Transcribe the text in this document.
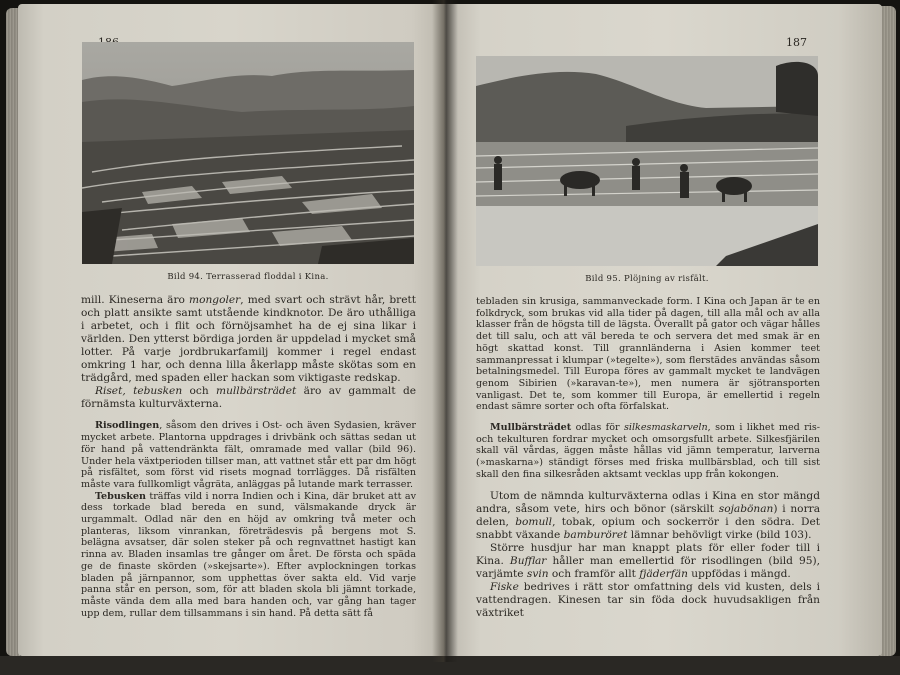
Bild 94. Terrasserad floddal i Kina.

mill. Kineserna äro mongoler, med svart och strävt hår, brett och platt ansikte samt utstående kindknotor. De äro uthålliga i arbetet, och i flit och förnöjsamhet ha de ej sina likar i världen. Den ytterst bördiga jorden är uppdelad i mycket små lotter. På varje jordbrukarfamilj kommer i regel endast omkring 1 har, och denna lilla åkerlapp måste skötas som en trädgård, med spaden eller hackan som viktigaste redskap.

Riset, tebusken och mullbärsträdet äro av gammalt de förnämsta kulturväxterna.

Risodlingen, såsom den drives i Ost- och även Sydasien, kräver mycket arbete. Plantorna uppdrages i drivbänk och sättas sedan ut för hand på vattendränkta fält, omramade med vallar (bild 96). Under hela växtperioden tillser man, att vattnet står ett par dm högt på risfältet, som först vid risets mognad torrlägges. Då risfälten måste vara fullkomligt vågräta, anläggas på lutande mark terrasser.

Tebusken träffas vild i norra Indien och i Kina, där bruket att av dess torkade blad bereda en sund, välsmakande dryck är urgammalt. Odlad när den en höjd av omkring två meter och planteras, liksom vinrankan, företrädesvis på bergens mot S. belägna avsatser, där solen steker på och regnvattnet hastigt kan rinna av. Bladen insamlas tre gånger om året. De första och späda ge de finaste skörden (»skejsarte»). Efter avplockningen torkas bladen på järnpannor, som upphettas över sakta eld. Vid varje panna står en person, som, för att bladen skola bli jämnt torkade, måste vända dem alla med bara handen och, var gång han tager upp dem, rullar dem tillsammans i sin hand. På detta sätt få

187
Bild 95. Plöjning av risfält.

tebladen sin krusiga, sammanveckade form. I Kina och Japan är te en folkdryck, som brukas vid alla tider på dagen, till alla mål och av alla klasser från de högsta till de lägsta. Överallt på gator och vägar hålles det till salu, och att väl bereda te och servera det med smak är en högt skattad konst. Till grannländerna i Asien kommer teet sammanpressat i klumpar (»tegelte»), som flerstädes användas såsom betalningsmedel. Till Europa föres av gammalt mycket te landvägen genom Sibirien (»karavan-te»), men numera är sjötransporten vanligast. Det te, som kommer till Europa, är emellertid i regeln endast sämre sorter och ofta förfalskat.

Mullbärsträdet odlas för silkesmaskarveln, som i likhet med ris- och tekulturen fordrar mycket och omsorgsfullt arbete. Silkesfjärilen skall väl vårdas, äggen måste hållas vid jämn temperatur, larverna (»maskarna») ständigt förses med friska mullbärsblad, och till sist skall den fina silkesråden aktsamt vecklas upp från kokongen.

Utom de nämnda kulturväxterna odlas i Kina en stor mängd andra, såsom vete, hirs och bönor (särskilt sojabönan) i norra delen, bomull, tobak, opium och sockerrör i den södra. Det snabbt växande bamburöret lämnar behövligt virke (bild 103).

Större husdjur har man knappt plats för eller foder till i Kina. Bufflar håller man emellertid för risodlingen (bild 95), varjämte svin och framför allt fjäderfän uppfödas i mängd.

Fiske bedrives i rätt stor omfattning dels vid kusten, dels i vattendragen. Kinesen tar sin föda dock huvudsakligen från växtriket
